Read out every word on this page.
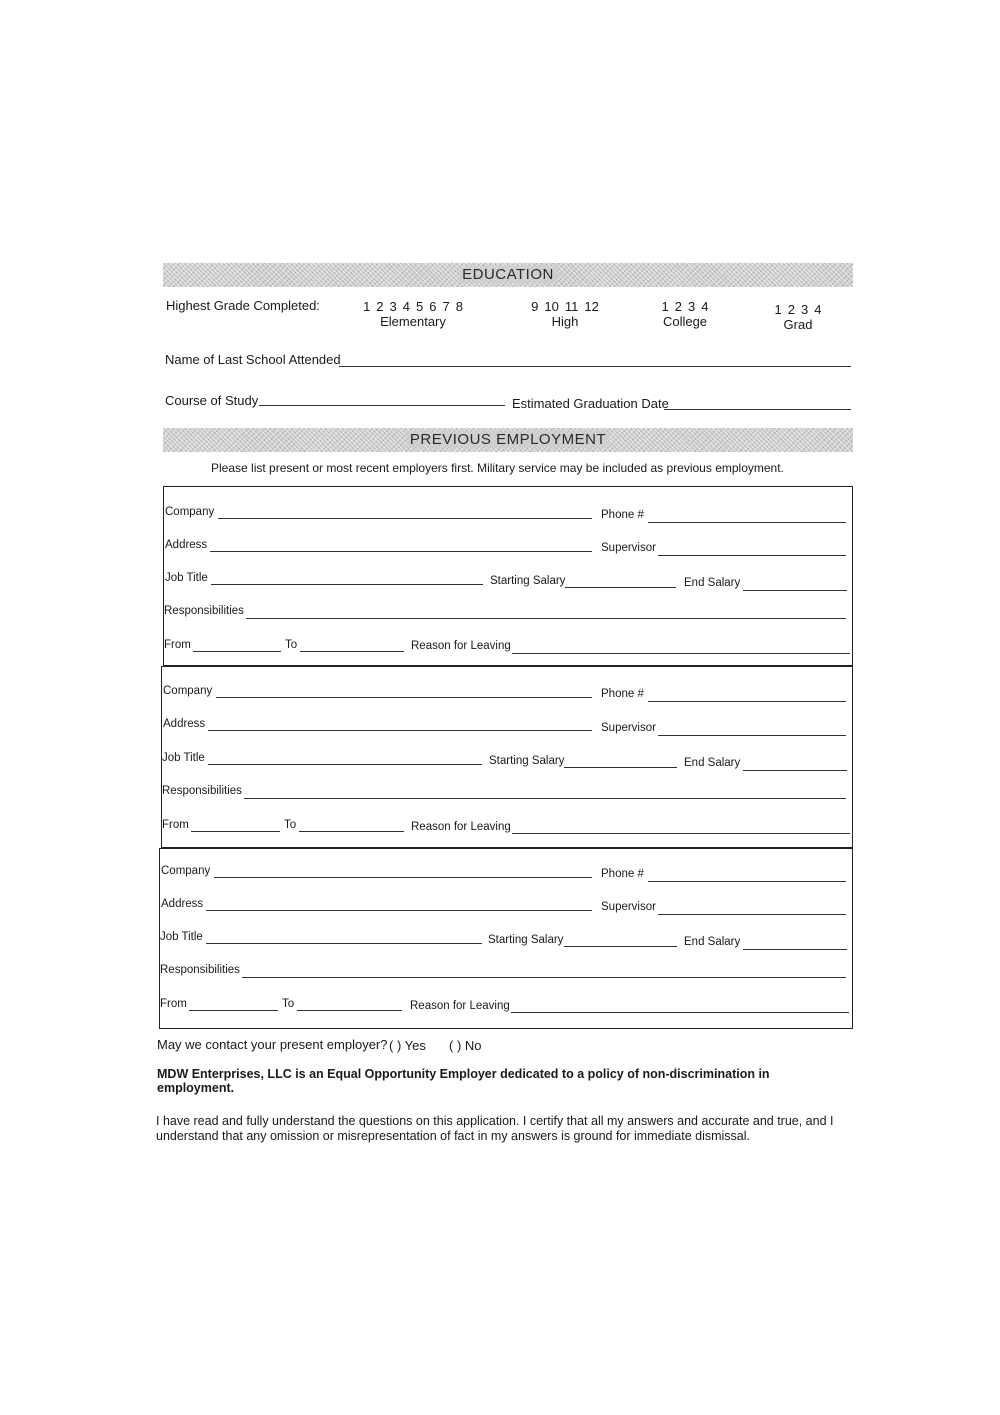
EDUCATION
Highest Grade Completed:	1 2 3 4 5 6 7 8
Elementary
9 10 11 12
High
1 2 3 4
College
1 2 3 4
Grad
Name of Last School Attended
Course of Study	Estimated Graduation Date
PREVIOUS EMPLOYMENT
Please list present or most recent employers first. Military service may be included as previous employment.
Company	Phone #
Address	Supervisor
Job Title	Starting Salary	End Salary
Responsibilities
From	To	Reason for Leaving
Company	Phone #
Address	Supervisor
Job Title	Starting Salary	End Salary
Responsibilities
From	To	Reason for Leaving
Company	Phone #
Address	Supervisor
Job Title	Starting Salary	End Salary
Responsibilities
From	To	Reason for Leaving
May we contact your present employer? ( ) Yes ( ) No
MDW Enterprises, LLC is an Equal Opportunity Employer dedicated to a policy of non-discrimination in employment.
I have read and fully understand the questions on this application. I certify that all my answers and accurate and true, and I understand that any omission or misrepresentation of fact in my answers is ground for immediate dismissal.
